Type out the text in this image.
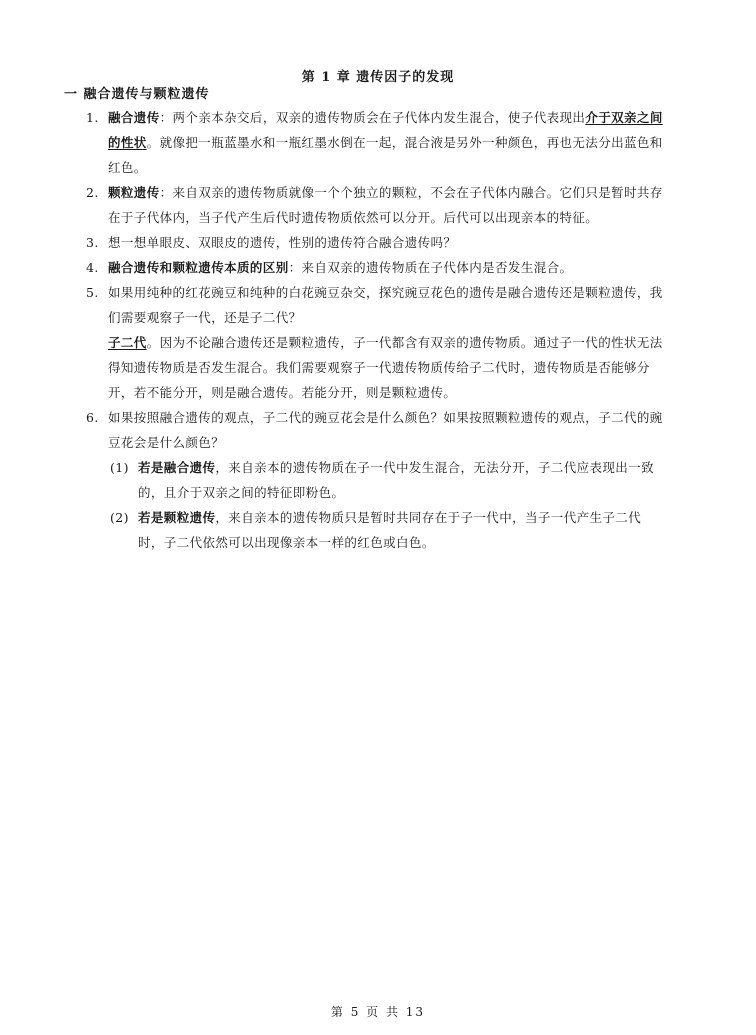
第 1 章 遗传因子的发现
一 融合遗传与颗粒遗传
1. 融合遗传：两个亲本杂交后，双亲的遗传物质会在子代体内发生混合，使子代表现出介于双亲之间的性状。就像把一瓶蓝墨水和一瓶红墨水倒在一起，混合液是另外一种颜色，再也无法分出蓝色和红色。
2. 颗粒遗传：来自双亲的遗传物质就像一个个独立的颗粒，不会在子代体内融合。它们只是暂时共存在于子代体内，当子代产生后代时遗传物质依然可以分开。后代可以出现亲本的特征。
3. 想一想单眼皮、双眼皮的遗传，性别的遗传符合融合遗传吗？
4. 融合遗传和颗粒遗传本质的区别：来自双亲的遗传物质在子代体内是否发生混合。
5. 如果用纯种的红花豌豆和纯种的白花豌豆杂交，探究豌豆花色的遗传是融合遗传还是颗粒遗传，我们需要观察子一代，还是子二代？
子二代。因为不论融合遗传还是颗粒遗传，子一代都含有双亲的遗传物质。通过子一代的性状无法得知遗传物质是否发生混合。我们需要观察子一代遗传物质传给子二代时，遗传物质是否能够分开，若不能分开，则是融合遗传。若能分开，则是颗粒遗传。
6. 如果按照融合遗传的观点，子二代的豌豆花会是什么颜色？如果按照颗粒遗传的观点，子二代的豌豆花会是什么颜色？
(1) 若是融合遗传，来自亲本的遗传物质在子一代中发生混合，无法分开，子二代应表现出一致的，且介于双亲之间的特征即粉色。
(2) 若是颗粒遗传，来自亲本的遗传物质只是暂时共同存在于子一代中，当子一代产生子二代时，子二代依然可以出现像亲本一样的红色或白色。
第 5 页 共 13
